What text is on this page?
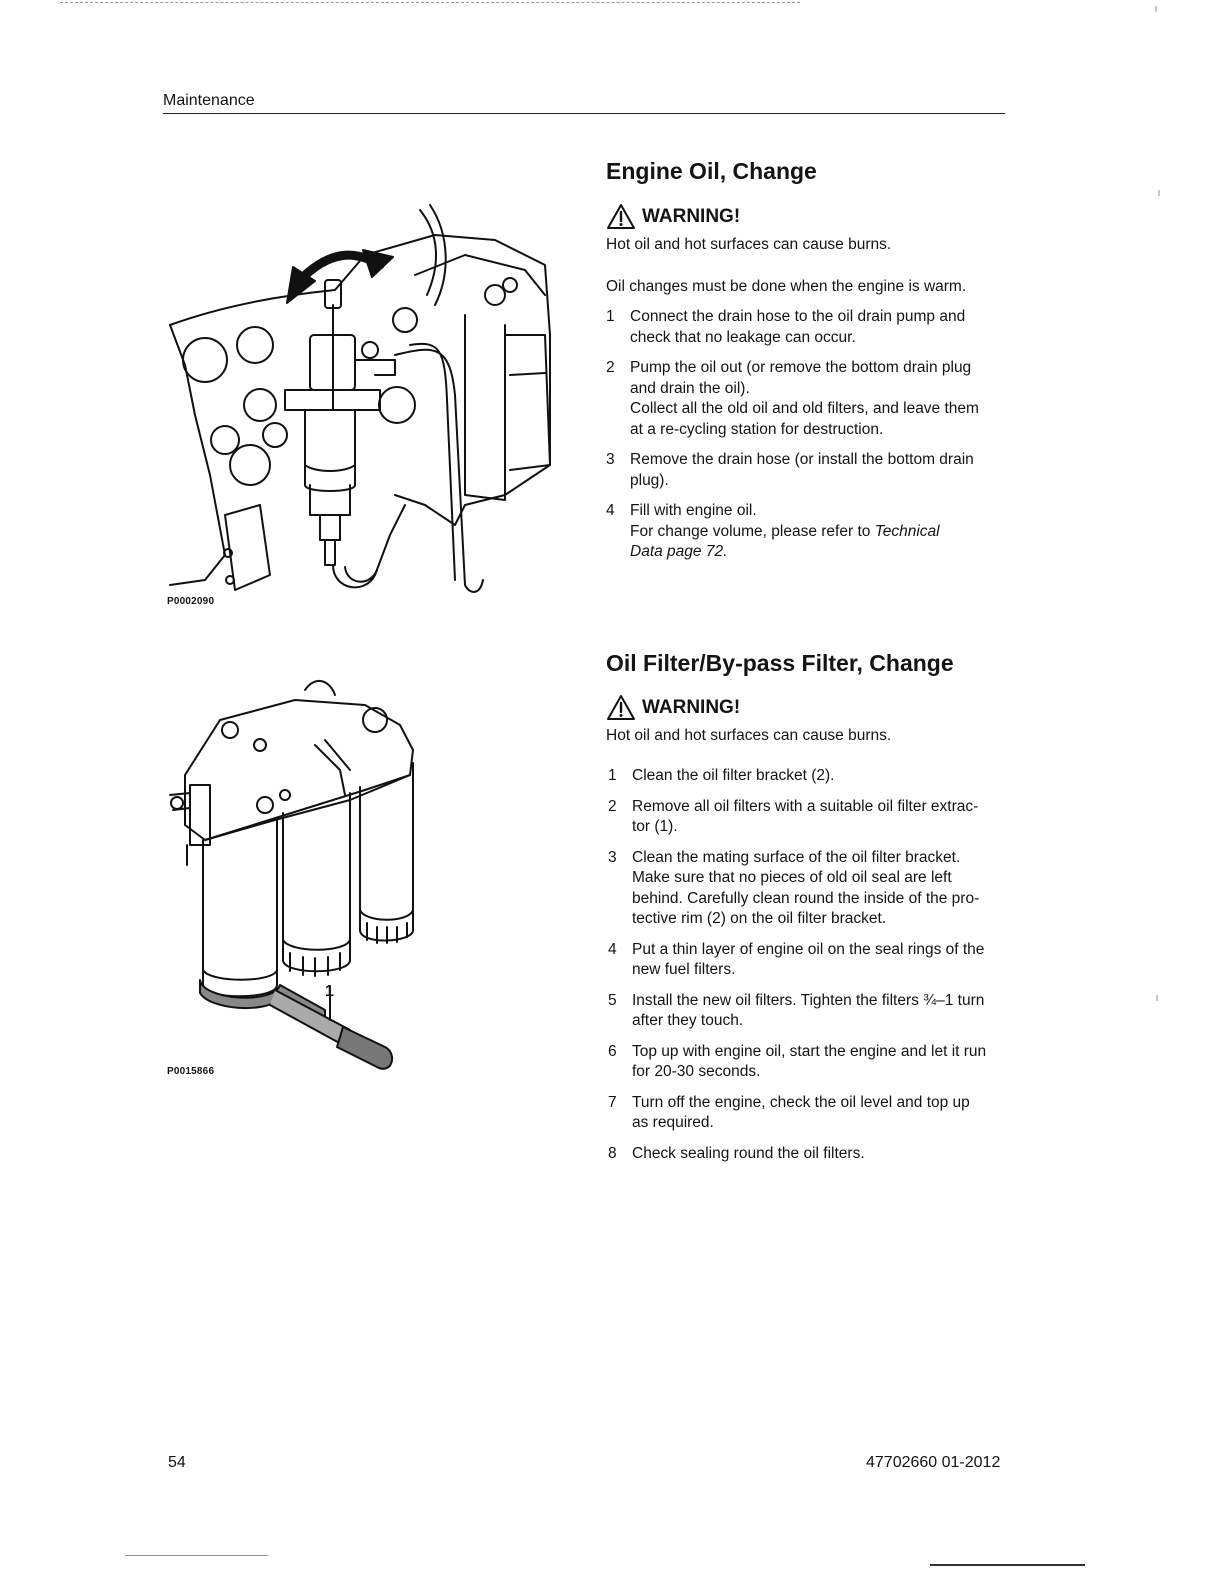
Maintenance
P0002090
Engine Oil, Change
WARNING!

Hot oil and hot surfaces can cause burns.

Oil changes must be done when the engine is warm.

1 Connect the drain hose to the oil drain pump and
check that no leakage can occur.
2 Pump the oil out (or remove the bottom drain plug
and drain the oil).
Collect all the old oil and old filters, and leave them
at a re-cycling station for destruction.
3 Remove the drain hose (or install the bottom drain
plug).
4 Fill with engine oil.
For change volume, please refer to Technical
Data page 72.
P0015866
1
Oil Filter/By-pass Filter, Change
WARNING!

Hot oil and hot surfaces can cause burns.

1 Clean the oil filter bracket (2).
2 Remove all oil filters with a suitable oil filter extrac-
tor (1).
3 Clean the mating surface of the oil filter bracket.
Make sure that no pieces of old oil seal are left
behind. Carefully clean round the inside of the pro-
tective rim (2) on the oil filter bracket.
4 Put a thin layer of engine oil on the seal rings of the
new fuel filters.
5 Install the new oil filters. Tighten the filters ¾–1 turn
after they touch.
6 Top up with engine oil, start the engine and let it run
for 20-30 seconds.
7 Turn off the engine, check the oil level and top up
as required.
8 Check sealing round the oil filters.
54	47702660 01-2012
